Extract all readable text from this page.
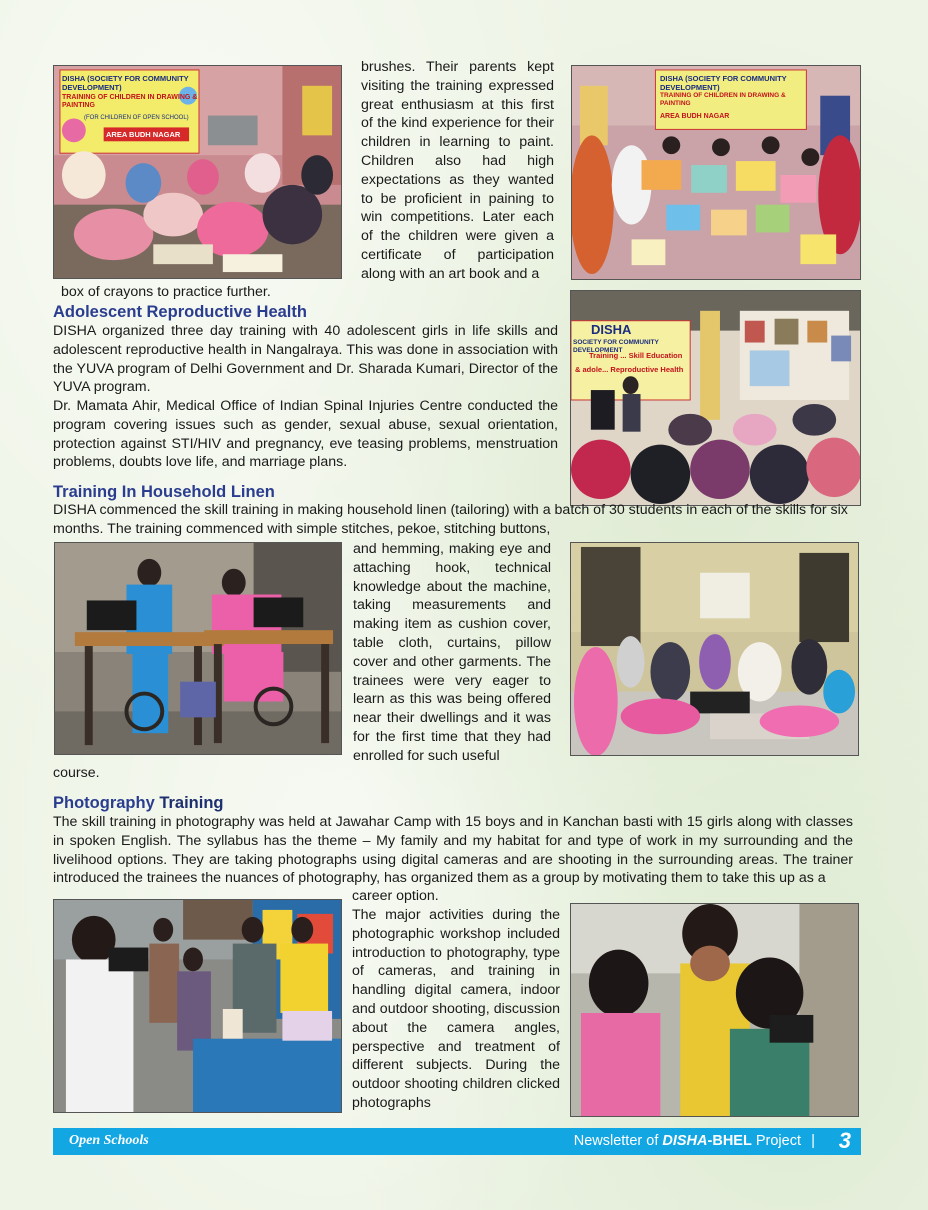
DISHA (SOCIETY FOR COMMUNITY DEVELOPMENT)
TRAINING OF CHILDREN IN DRAWING & PAINTING
(FOR CHILDREN OF OPEN SCHOOL)
AREA BUDH NAGAR

brushes. Their parents kept visiting the training expressed great enthusiasm at this first of the kind experience for their children in learning to paint. Children also had high expectations as they wanted to be proficient in paining to win competitions. Later each of the children were given a certificate of participation along with an art book and a

DISHA (SOCIETY FOR COMMUNITY DEVELOPMENT)
TRAINING OF CHILDREN IN DRAWING & PAINTING
AREA BUDH NAGAR

box of crayons to practice further.

Adolescent Reproductive Health

DISHA organized three day training with 40 adolescent girls in life skills and adolescent reproductive health in Nangalraya. This was done in association with the YUVA program of Delhi Government and Dr. Sharada Kumari, Director of the YUVA program.

Dr. Mamata Ahir, Medical Office of Indian Spinal Injuries Centre conducted the program covering issues such as gender, sexual abuse, sexual orientation, protection against STI/HIV and pregnancy, eve teasing problems, menstruation problems, doubts love life, and marriage plans.

DISHA
SOCIETY FOR COMMUNITY DEVELOPMENT
Training ... Skill Education
& adole... Reproductive Health

Training In Household Linen

DISHA commenced the skill training in making household linen (tailoring) with a batch of 30 students in each of the skills for six months. The training commenced with simple stitches, pekoe, stitching buttons,

and hemming, making eye and attaching hook, technical knowledge about the machine, taking measurements and making item as cushion cover, table cloth, curtains, pillow cover and other garments. The trainees were very eager to learn as this was being offered near their dwellings and it was for the first time that they had enrolled for such useful

course.

Photography Training

The skill training in photography was held at Jawahar Camp with 15 boys and in Kanchan basti with 15 girls along with classes in spoken English. The syllabus has the theme – My family and my habitat for and type of work in my surrounding and the livelihood options. They are taking photographs using digital cameras and are shooting in the surrounding areas. The trainer introduced the trainees the nuances of photography, has organized them as a group by motivating them to take this up as a

career option.

The major activities during the photographic workshop included introduction to photography, type of cameras, and training in handling digital camera, indoor and outdoor shooting, discussion about the camera angles, perspective and treatment of different subjects. During the outdoor shooting children clicked photographs

Open Schools	Newsletter of DISHA-BHEL Project | 3
